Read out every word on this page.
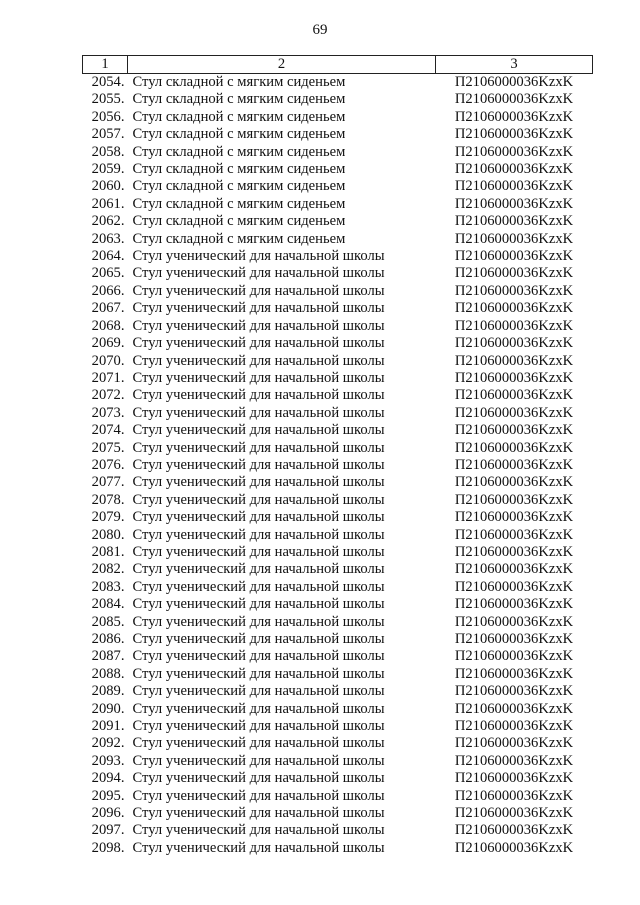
69
1	2	3
2054.	Стул складной с мягким сиденьем	П2106000036KzxK
2055.	Стул складной с мягким сиденьем	П2106000036KzxK
2056.	Стул складной с мягким сиденьем	П2106000036KzxK
2057.	Стул складной с мягким сиденьем	П2106000036KzxK
2058.	Стул складной с мягким сиденьем	П2106000036KzxK
2059.	Стул складной с мягким сиденьем	П2106000036KzxK
2060.	Стул складной с мягким сиденьем	П2106000036KzxK
2061.	Стул складной с мягким сиденьем	П2106000036KzxK
2062.	Стул складной с мягким сиденьем	П2106000036KzxK
2063.	Стул складной с мягким сиденьем	П2106000036KzxK
2064.	Стул ученический для начальной школы	П2106000036KzxK
2065.	Стул ученический для начальной школы	П2106000036KzxK
2066.	Стул ученический для начальной школы	П2106000036KzxK
2067.	Стул ученический для начальной школы	П2106000036KzxK
2068.	Стул ученический для начальной школы	П2106000036KzxK
2069.	Стул ученический для начальной школы	П2106000036KzxK
2070.	Стул ученический для начальной школы	П2106000036KzxK
2071.	Стул ученический для начальной школы	П2106000036KzxK
2072.	Стул ученический для начальной школы	П2106000036KzxK
2073.	Стул ученический для начальной школы	П2106000036KzxK
2074.	Стул ученический для начальной школы	П2106000036KzxK
2075.	Стул ученический для начальной школы	П2106000036KzxK
2076.	Стул ученический для начальной школы	П2106000036KzxK
2077.	Стул ученический для начальной школы	П2106000036KzxK
2078.	Стул ученический для начальной школы	П2106000036KzxK
2079.	Стул ученический для начальной школы	П2106000036KzxK
2080.	Стул ученический для начальной школы	П2106000036KzxK
2081.	Стул ученический для начальной школы	П2106000036KzxK
2082.	Стул ученический для начальной школы	П2106000036KzxK
2083.	Стул ученический для начальной школы	П2106000036KzxK
2084.	Стул ученический для начальной школы	П2106000036KzxK
2085.	Стул ученический для начальной школы	П2106000036KzxK
2086.	Стул ученический для начальной школы	П2106000036KzxK
2087.	Стул ученический для начальной школы	П2106000036KzxK
2088.	Стул ученический для начальной школы	П2106000036KzxK
2089.	Стул ученический для начальной школы	П2106000036KzxK
2090.	Стул ученический для начальной школы	П2106000036KzxK
2091.	Стул ученический для начальной школы	П2106000036KzxK
2092.	Стул ученический для начальной школы	П2106000036KzxK
2093.	Стул ученический для начальной школы	П2106000036KzxK
2094.	Стул ученический для начальной школы	П2106000036KzxK
2095.	Стул ученический для начальной школы	П2106000036KzxK
2096.	Стул ученический для начальной школы	П2106000036KzxK
2097.	Стул ученический для начальной школы	П2106000036KzxK
2098.	Стул ученический для начальной школы	П2106000036KzxK
